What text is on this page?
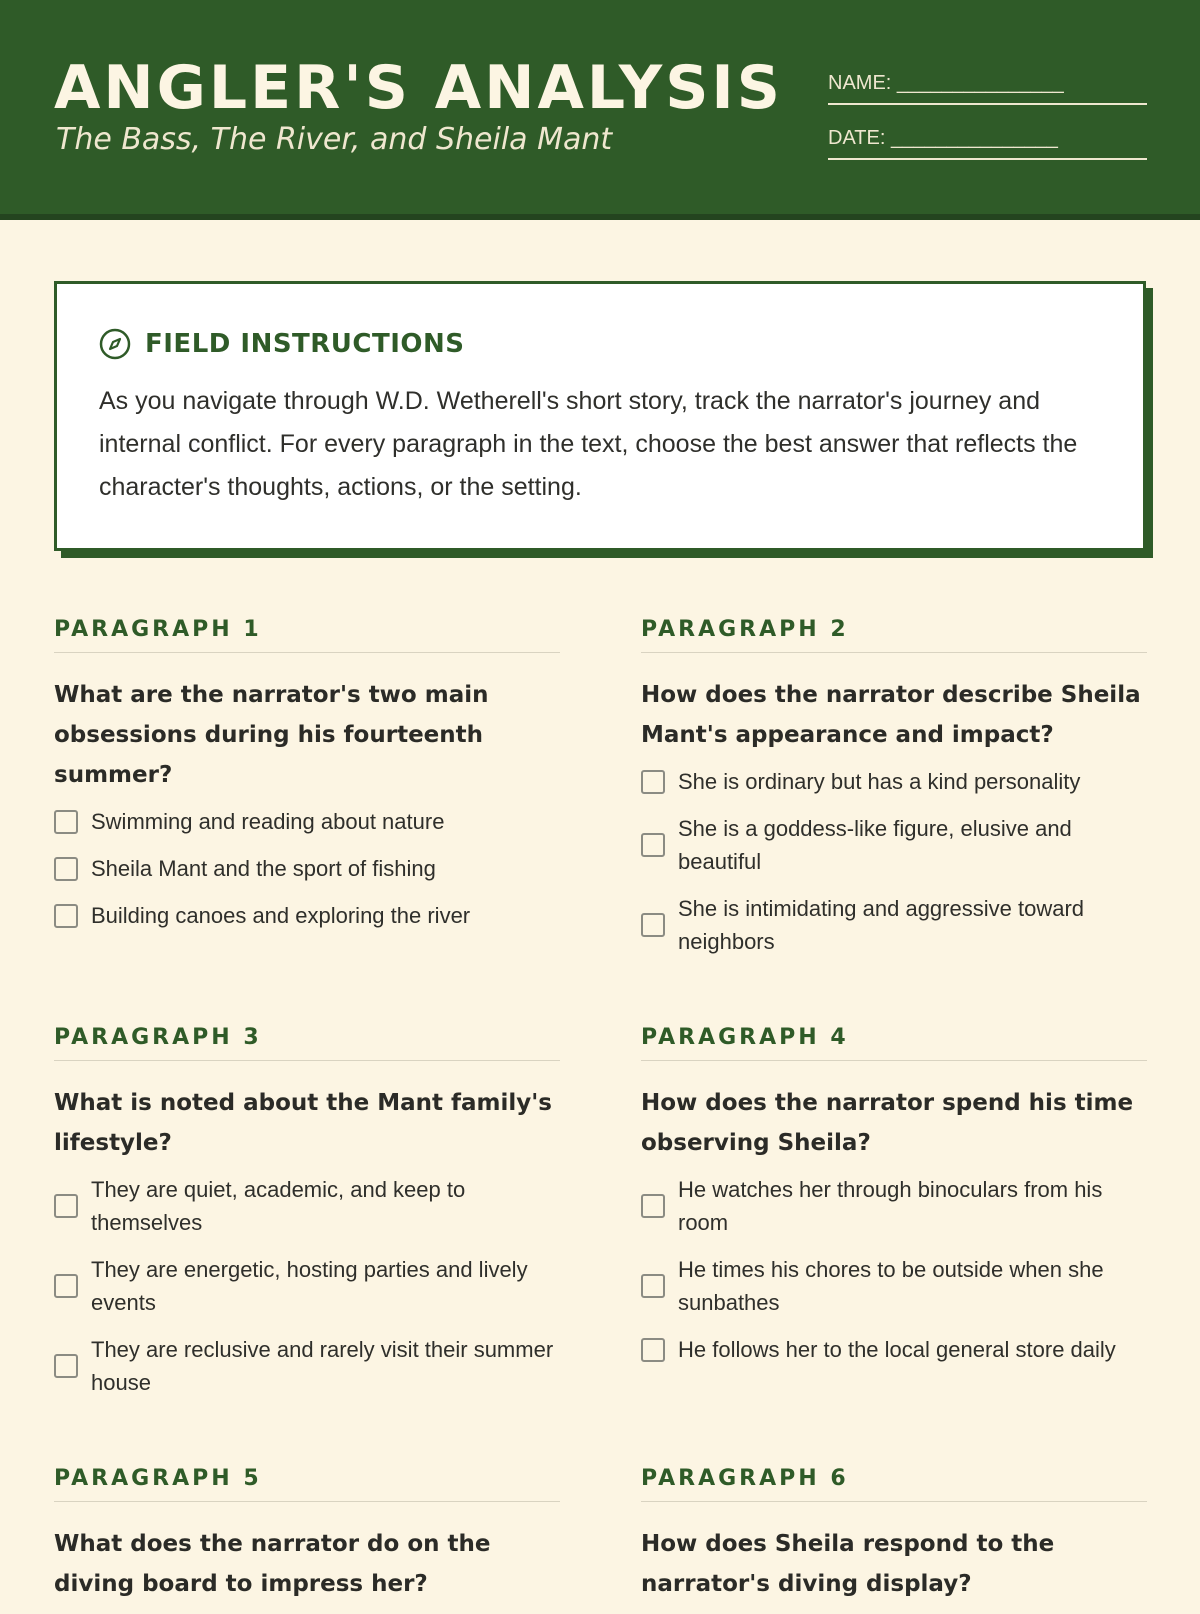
ANGLER'S ANALYSIS

The Bass, The River, and Sheila Mant

NAME: _______________
DATE: _______________
FIELD INSTRUCTIONS

As you navigate through W.D. Wetherell's short story, track the narrator's journey and internal conflict. For every paragraph in the text, choose the best answer that reflects the character's thoughts, actions, or the setting.

PARAGRAPH 1
What are the narrator's two main obsessions during his fourteenth summer?
Swimming and reading about nature
Sheila Mant and the sport of fishing
Building canoes and exploring the river
PARAGRAPH 2
How does the narrator describe Sheila Mant's appearance and impact?
She is ordinary but has a kind personality
She is a goddess-like figure, elusive and beautiful
She is intimidating and aggressive toward neighbors
PARAGRAPH 3
What is noted about the Mant family's lifestyle?
They are quiet, academic, and keep to themselves
They are energetic, hosting parties and lively events
They are reclusive and rarely visit their summer house
PARAGRAPH 4
How does the narrator spend his time observing Sheila?
He watches her through binoculars from his room
He times his chores to be outside when she sunbathes
He follows her to the local general store daily
PARAGRAPH 5
What does the narrator do on the diving board to impress her?
PARAGRAPH 6
How does Sheila respond to the narrator's diving display?
